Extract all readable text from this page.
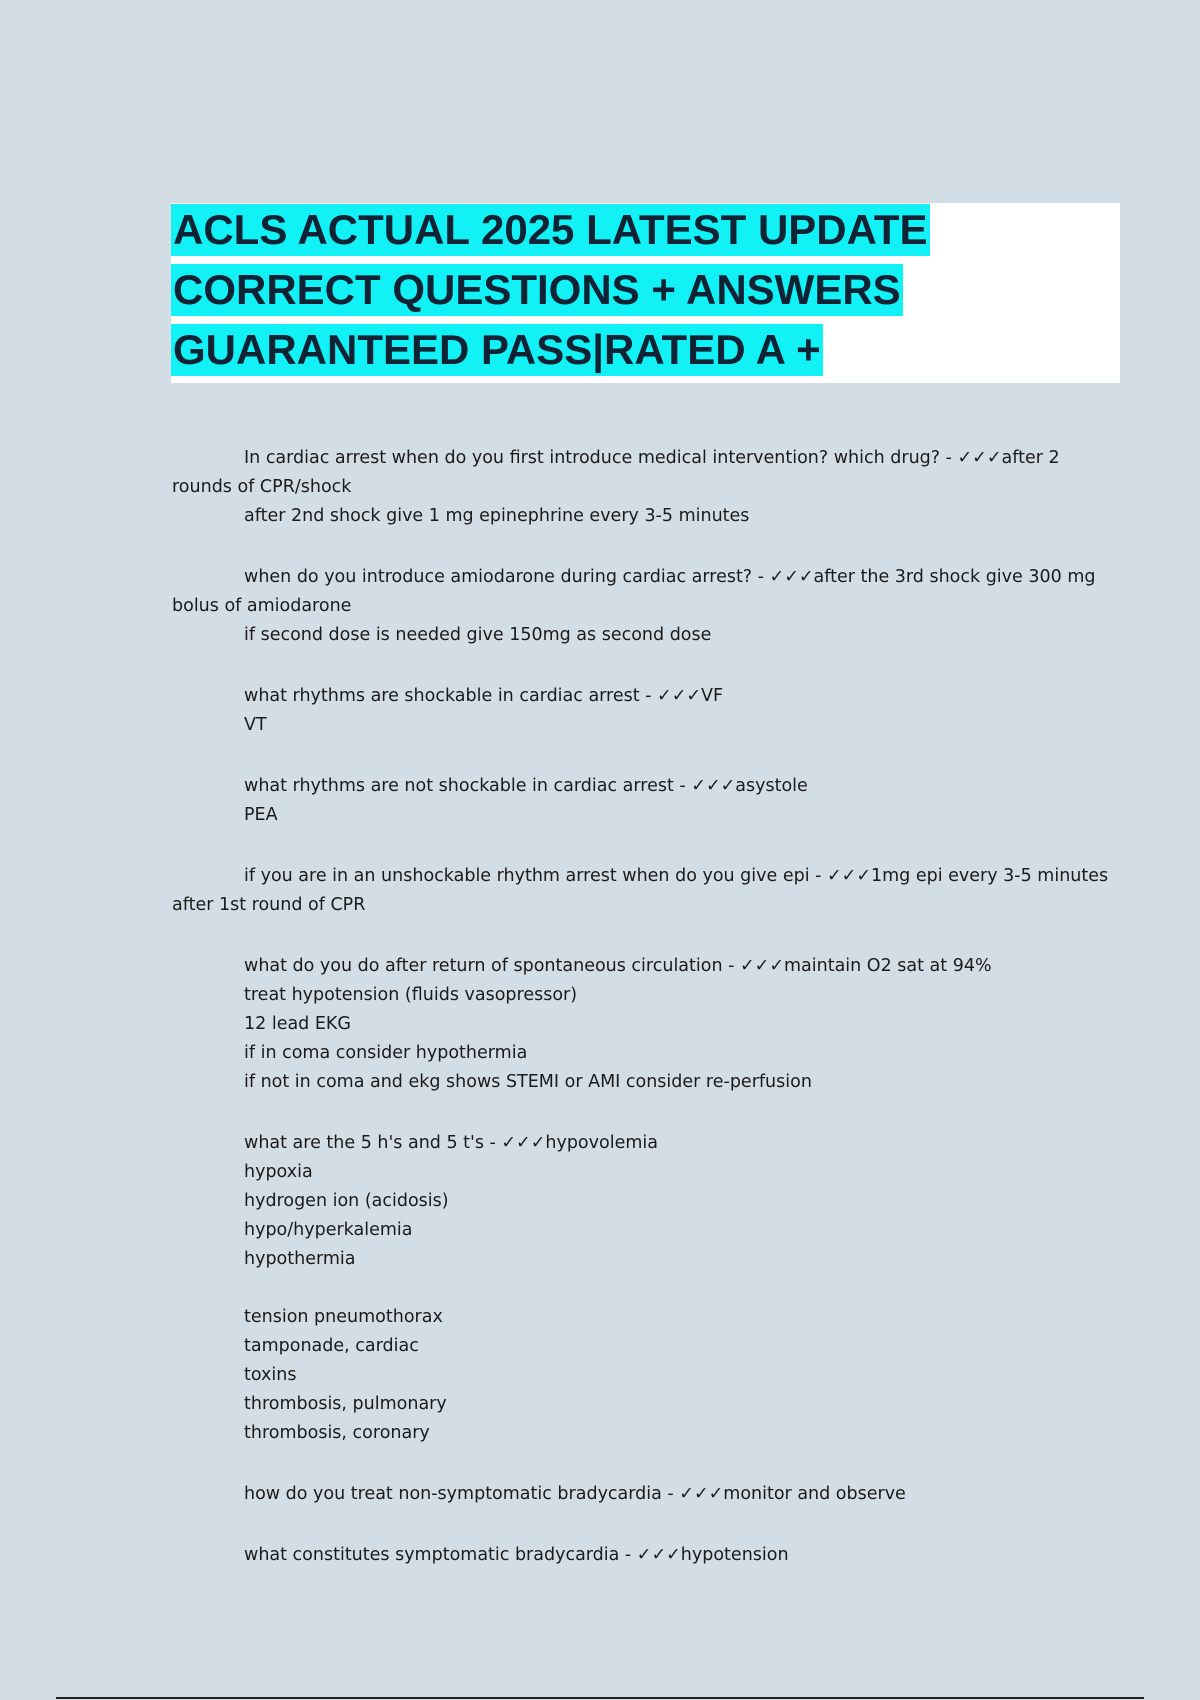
ACLS ACTUAL 2025 LATEST UPDATE
CORRECT QUESTIONS + ANSWERS
GUARANTEED PASS|RATED A +
In cardiac arrest when do you first introduce medical intervention? which drug? - ✓✓✓after 2 rounds of CPR/shock
after 2nd shock give 1 mg epinephrine every 3-5 minutes
when do you introduce amiodarone during cardiac arrest? - ✓✓✓after the 3rd shock give 300 mg bolus of amiodarone
if second dose is needed give 150mg as second dose
what rhythms are shockable in cardiac arrest - ✓✓✓VF
VT
what rhythms are not shockable in cardiac arrest - ✓✓✓asystole
PEA
if you are in an unshockable rhythm arrest when do you give epi - ✓✓✓1mg epi every 3-5 minutes after 1st round of CPR
what do you do after return of spontaneous circulation - ✓✓✓maintain O2 sat at 94%
treat hypotension (fluids vasopressor)
12 lead EKG
if in coma consider hypothermia
if not in coma and ekg shows STEMI or AMI consider re-perfusion
what are the 5 h's and 5 t's - ✓✓✓hypovolemia
hypoxia
hydrogen ion (acidosis)
hypo/hyperkalemia
hypothermia
tension pneumothorax
tamponade, cardiac
toxins
thrombosis, pulmonary
thrombosis, coronary
how do you treat non-symptomatic bradycardia - ✓✓✓monitor and observe
what constitutes symptomatic bradycardia - ✓✓✓hypotension
